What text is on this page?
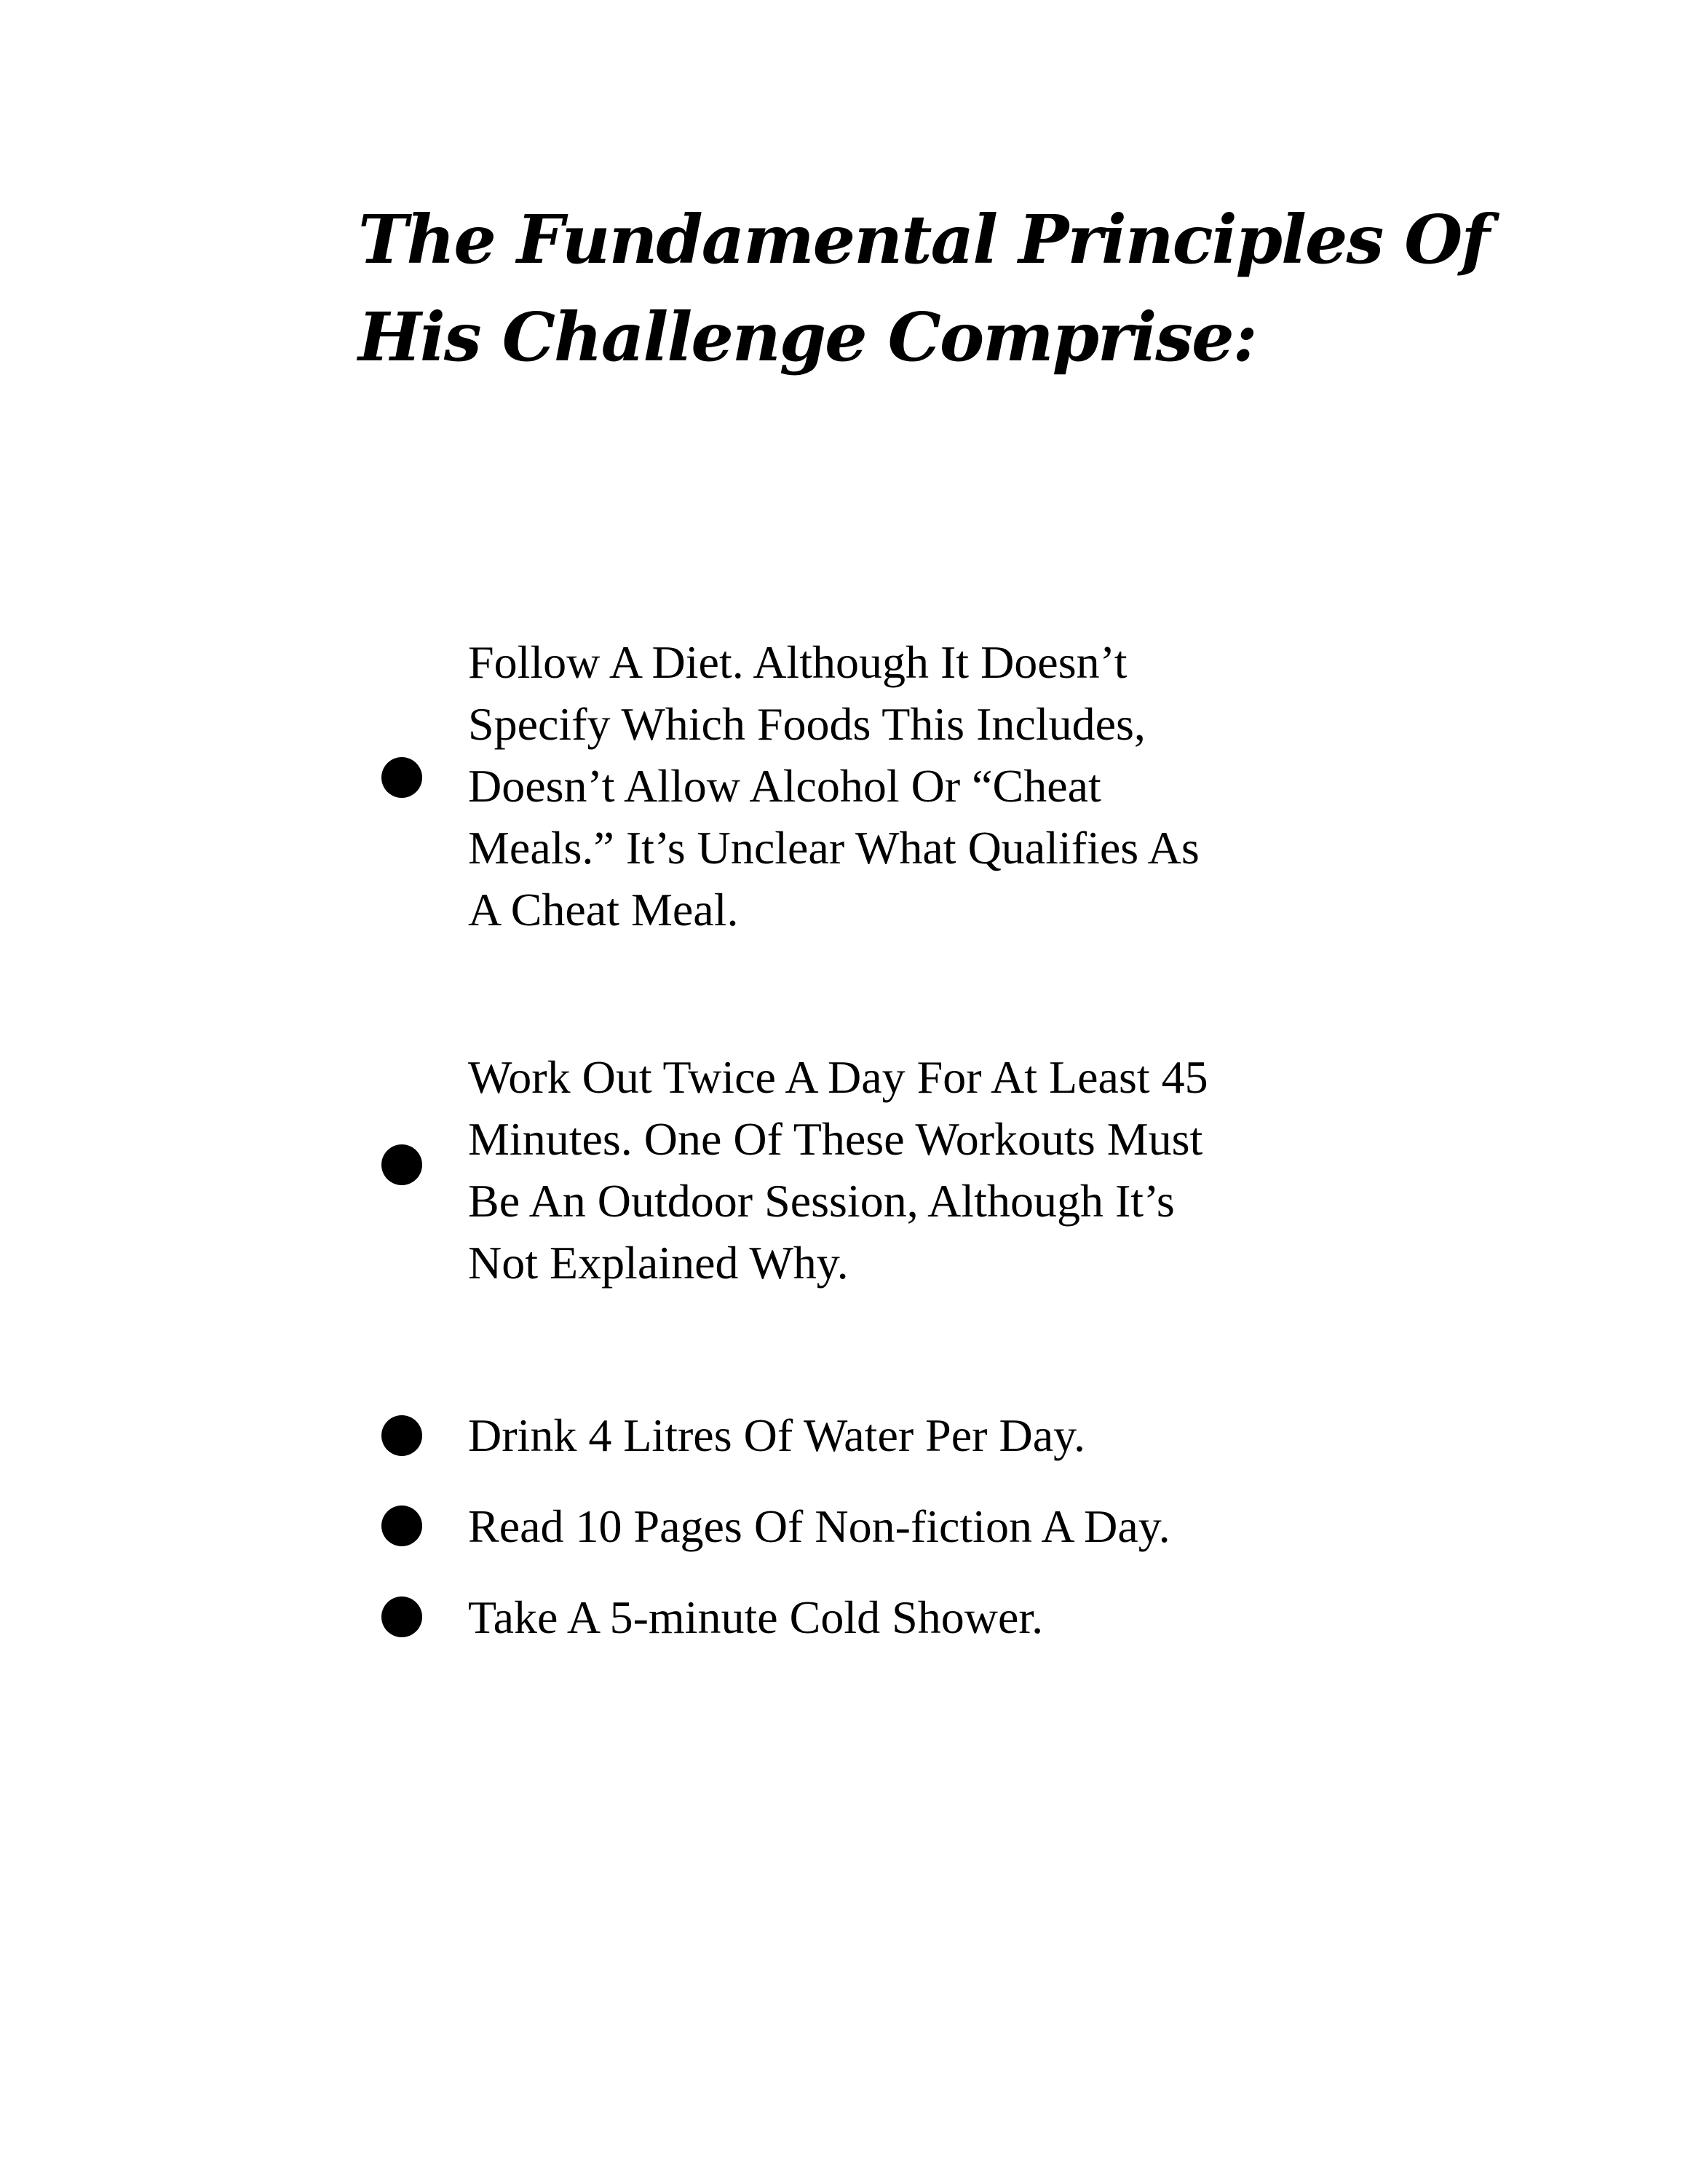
The Fundamental Principles Of
His Challenge Comprise:
Follow A Diet. Although It Doesn’t
Specify Which Foods This Includes,
Doesn’t Allow Alcohol Or “Cheat
Meals.” It’s Unclear What Qualifies As
A Cheat Meal.
Work Out Twice A Day For At Least 45
Minutes. One Of These Workouts Must
Be An Outdoor Session, Although It’s
Not Explained Why.
Drink 4 Litres Of Water Per Day.
Read 10 Pages Of Non-fiction A Day.
Take A 5-minute Cold Shower.
